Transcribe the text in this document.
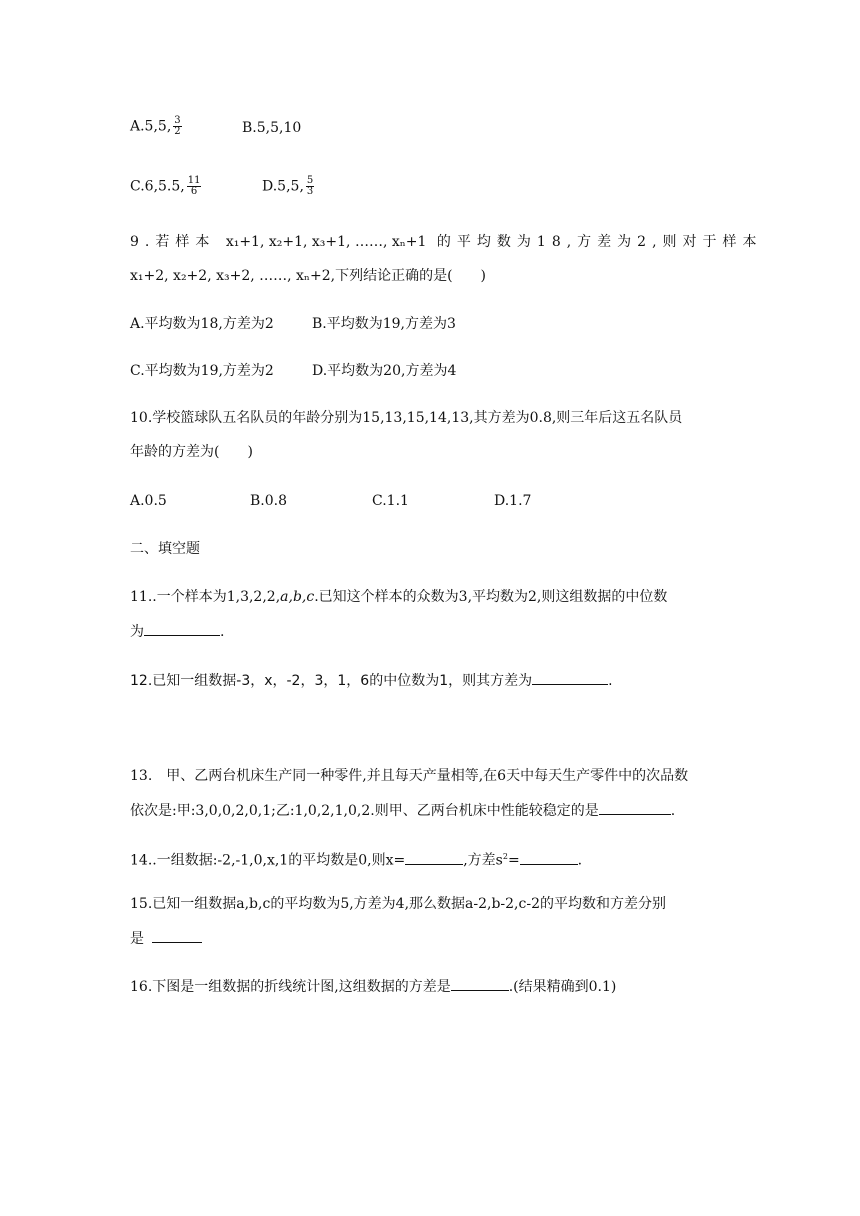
A.5,5, $\frac{3}{2}$	B.5,5,10
C.6,5.5, $\frac{11}{6}$	D.5,5, $\frac{5}{3}$
9.若样本 x₁+1, x₂+1, x₃+1, ……, xₙ+1 的平均数为18,方差为2,则对于样本
x₁+2, x₂+2, x₃+2, ……, xₙ+2,下列结论正确的是(　　)
A.平均数为18,方差为2	B.平均数为19,方差为3
C.平均数为19,方差为2	D.平均数为20,方差为4
10.学校篮球队五名队员的年龄分别为15,13,15,14,13,其方差为0.8,则三年后这五名队员
年龄的方差为(　　)
A.0.5	B.0.8	C.1.1	D.1.7
二、填空题
11..一个样本为1,3,2,2,a,b,c.已知这个样本的众数为3,平均数为2,则这组数据的中位数
为	.
12.已知一组数据-3，x，-2，3，1，6的中位数为1，则其方差为	.
13.　甲、乙两台机床生产同一种零件,并且每天产量相等,在6天中每天生产零件中的次品数
依次是:甲:3,0,0,2,0,1;乙:1,0,2,1,0,2.则甲、乙两台机床中性能较稳定的是	.
14..一组数据:-2,-1,0,x,1的平均数是0,则x=	,方差$s^2=$	.
15.已知一组数据a,b,c的平均数为5,方差为4,那么数据a-2,b-2,c-2的平均数和方差分别
是
16.下图是一组数据的折线统计图,这组数据的方差是	.(结果精确到0.1)
